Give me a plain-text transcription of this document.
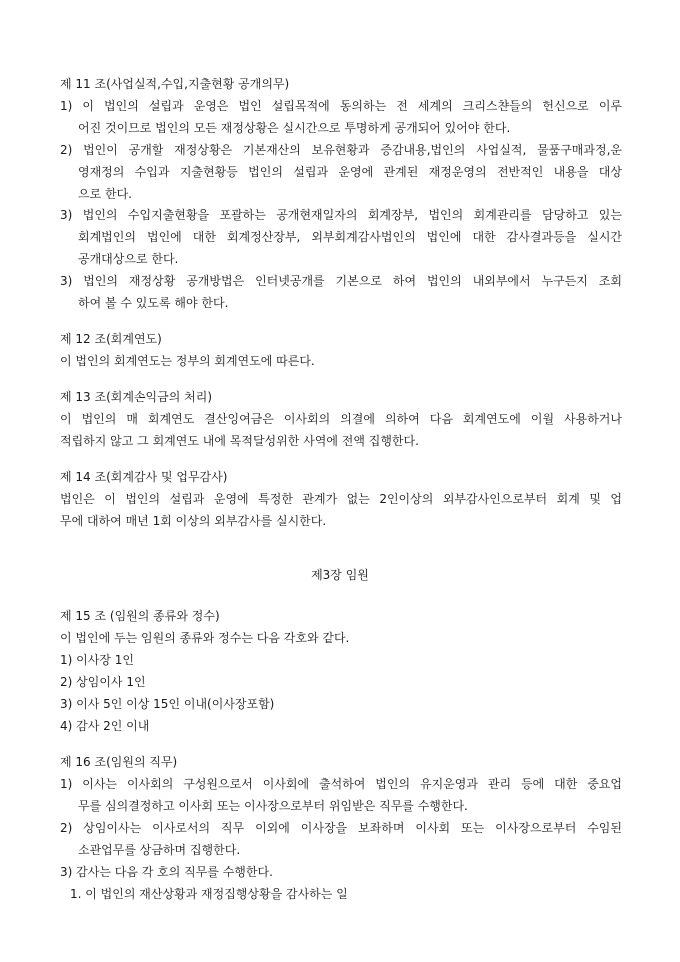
제 11 조(사업실적,수입,지출현황 공개의무)
1) 이 법인의 설립과 운영은 법인 설립목적에 동의하는 전 세계의 크리스챤들의 헌신으로 이루
어진 것이므로 법인의 모든 재정상황은 실시간으로 투명하게 공개되어 있어야 한다.
2) 법인이 공개할 재정상황은 기본재산의 보유현황과 증감내용,법인의 사업실적, 물품구매과정,운
영재정의 수입과 지출현황등 법인의 설립과 운영에 관계된 재정운영의 전반적인 내용을 대상
으로 한다.
3) 법인의 수입지출현황을 포괄하는 공개현재일자의 회계장부, 법인의 회계관리를 담당하고 있는
회계법인의 법인에 대한 회계정산장부, 외부회계감사법인의 법인에 대한 감사결과등을 실시간
공개대상으로 한다.
3) 법인의 재정상황 공개방법은 인터넷공개를 기본으로 하여 법인의 내외부에서 누구든지 조회
하여 볼 수 있도록 해야 한다.
제 12 조(회계연도)
이 법인의 회계연도는 정부의 회계연도에 따른다.
제 13 조(회계손익금의 처리)
이 법인의 매 회계연도 결산잉여금은 이사회의 의결에 의하여 다음 회계연도에 이월 사용하거나
적립하지 않고 그 회계연도 내에 목적달성위한 사역에 전액 집행한다.
제 14 조(회계감사 및 업무감사)
법인은 이 법인의 설립과 운영에 특정한 관계가 없는 2인이상의 외부감사인으로부터 회계 및 업
무에 대하여 매년 1회 이상의 외부감사를 실시한다.
제3장 임원
제 15 조 (임원의 종류와 정수)
이 법인에 두는 임원의 종류와 정수는 다음 각호와 같다.
1) 이사장 1인
2) 상임이사 1인
3) 이사 5인 이상 15인 이내(이사장포함)
4) 감사 2인 이내
제 16 조(임원의 직무)
1) 이사는 이사회의 구성원으로서 이사회에 출석하여 법인의 유지운영과 관리 등에 대한 중요업
무를 심의결정하고 이사회 또는 이사장으로부터 위임받은 직무를 수행한다.
2) 상임이사는 이사로서의 직무 이외에 이사장을 보좌하며 이사회 또는 이사장으로부터 수임된
소관업무를 상금하며 집행한다.
3) 감사는 다음 각 호의 직무를 수행한다.
1. 이 법인의 재산상황과 재정집행상황을 감사하는 일
